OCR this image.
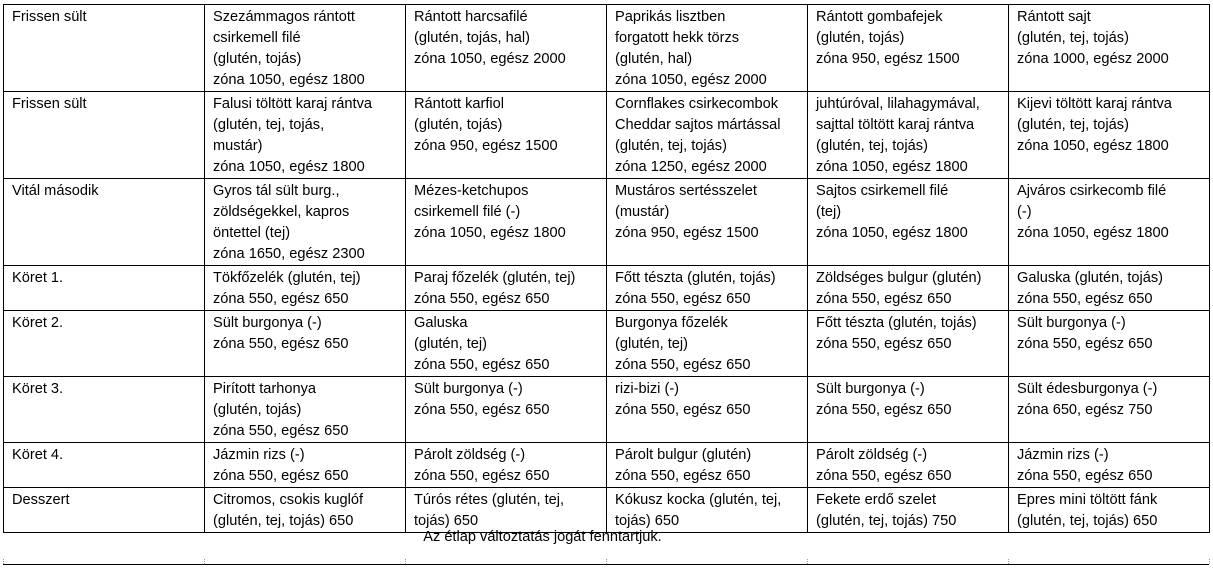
Frissen sült	Szezámmagos rántott
csirkemell filé
(glutén, tojás)
zóna 1050, egész 1800	Rántott harcsafilé
(glutén, tojás, hal)
zóna 1050, egész 2000	Paprikás lisztben
forgatott hekk törzs
(glutén, hal)
zóna 1050, egész 2000	Rántott gombafejek
(glutén, tojás)
zóna 950, egész 1500	Rántott sajt
(glutén, tej, tojás)
zóna 1000, egész 2000

Frissen sült	Falusi töltött karaj rántva
(glutén, tej, tojás,
mustár)
zóna 1050, egész 1800	Rántott karfiol
(glutén, tojás)
zóna 950, egész 1500	Cornflakes csirkecombok
Cheddar sajtos mártással
(glutén, tej, tojás)
zóna 1250, egész 2000	juhtúróval, lilahagymával,
sajttal töltött karaj rántva
(glutén, tej, tojás)
zóna 1050, egész 1800	Kijevi töltött karaj rántva
(glutén, tej, tojás)
zóna 1050, egész 1800

Vitál második	Gyros tál sült burg.,
zöldségekkel, kapros
öntettel (tej)
zóna 1650, egész 2300	Mézes-ketchupos
csirkemell filé (-)
zóna 1050, egész 1800	Mustáros sertésszelet
(mustár)
zóna 950, egész 1500	Sajtos csirkemell filé
(tej)
zóna 1050, egész 1800	Ajváros csirkecomb filé
(-)
zóna 1050, egész 1800

Köret 1.	Tökfőzelék (glutén, tej)
zóna 550, egész 650	Paraj főzelék (glutén, tej)
zóna 550, egész 650	Főtt tészta (glutén, tojás)
zóna 550, egész 650	Zöldséges bulgur (glutén)
zóna 550, egész 650	Galuska (glutén, tojás)
zóna 550, egész 650

Köret 2.	Sült burgonya (-)
zóna 550, egész 650	Galuska
(glutén, tej)
zóna 550, egész 650	Burgonya főzelék
(glutén, tej)
zóna 550, egész 650	Főtt tészta (glutén, tojás)
zóna 550, egész 650	Sült burgonya (-)
zóna 550, egész 650

Köret 3.	Pirított tarhonya
(glutén, tojás)
zóna 550, egész 650	Sült burgonya (-)
zóna 550, egész 650	rizi-bizi (-)
zóna 550, egész 650	Sült burgonya (-)
zóna 550, egész 650	Sült édesburgonya (-)
zóna 650, egész 750

Köret 4.	Jázmin rizs (-)
zóna 550, egész 650	Párolt zöldség (-)
zóna 550, egész 650	Párolt bulgur (glutén)
zóna 550, egész 650	Párolt zöldség (-)
zóna 550, egész 650	Jázmin rizs (-)
zóna 550, egész 650

Desszert	Citromos, csokis kuglóf
(glutén, tej, tojás) 650	Túrós rétes (glutén, tej,
tojás) 650	Kókusz kocka (glutén, tej,
tojás) 650	Fekete erdő szelet
(glutén, tej, tojás) 750	Epres mini töltött fánk
(glutén, tej, tojás) 650
Az étlap változtatás jogát fenntartjuk.
